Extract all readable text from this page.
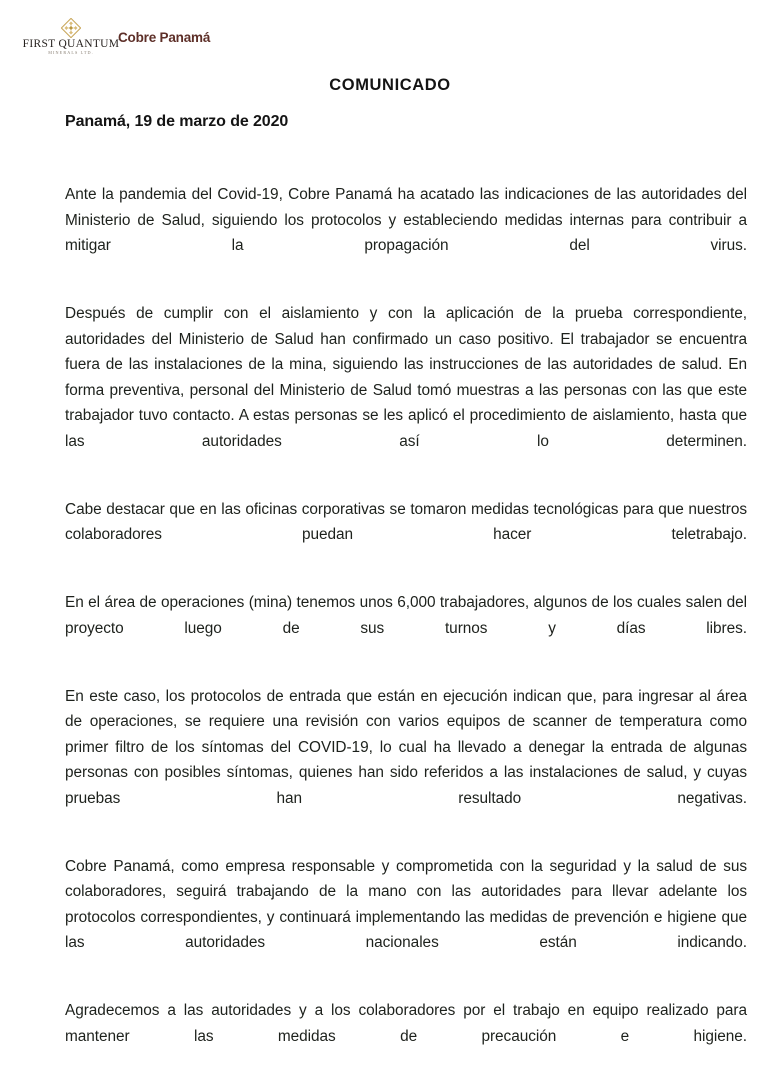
FIRST QUANTUM
MINERALS LTD.
Cobre Panamá
COMUNICADO
Panamá, 19 de marzo de 2020

Ante la pandemia del Covid-19, Cobre Panamá ha acatado las indicaciones de las autoridades del Ministerio de Salud, siguiendo los protocolos y estableciendo medidas internas para contribuir a mitigar la propagación del virus.

Después de cumplir con el aislamiento y con la aplicación de la prueba correspondiente, autoridades del Ministerio de Salud han confirmado un caso positivo. El trabajador se encuentra fuera de las instalaciones de la mina, siguiendo las instrucciones de las autoridades de salud. En forma preventiva, personal del Ministerio de Salud tomó muestras a las personas con las que este trabajador tuvo contacto. A estas personas se les aplicó el procedimiento de aislamiento, hasta que las autoridades así lo determinen.

Cabe destacar que en las oficinas corporativas se tomaron medidas tecnológicas para que nuestros colaboradores puedan hacer teletrabajo.

En el área de operaciones (mina) tenemos unos 6,000 trabajadores, algunos de los cuales salen del proyecto luego de sus turnos y días libres.

En este caso, los protocolos de entrada que están en ejecución indican que, para ingresar al área de operaciones, se requiere una revisión con varios equipos de scanner de temperatura como primer filtro de los síntomas del COVID-19, lo cual ha llevado a denegar la entrada de algunas personas con posibles síntomas, quienes han sido referidos a las instalaciones de salud, y cuyas pruebas han resultado negativas.

Cobre Panamá, como empresa responsable y comprometida con la seguridad y la salud de sus colaboradores, seguirá trabajando de la mano con las autoridades para llevar adelante los protocolos correspondientes, y continuará implementando las medidas de prevención e higiene que las autoridades nacionales están indicando.

Agradecemos a las autoridades y a los colaboradores por el trabajo en equipo realizado para mantener las medidas de precaución e higiene.
